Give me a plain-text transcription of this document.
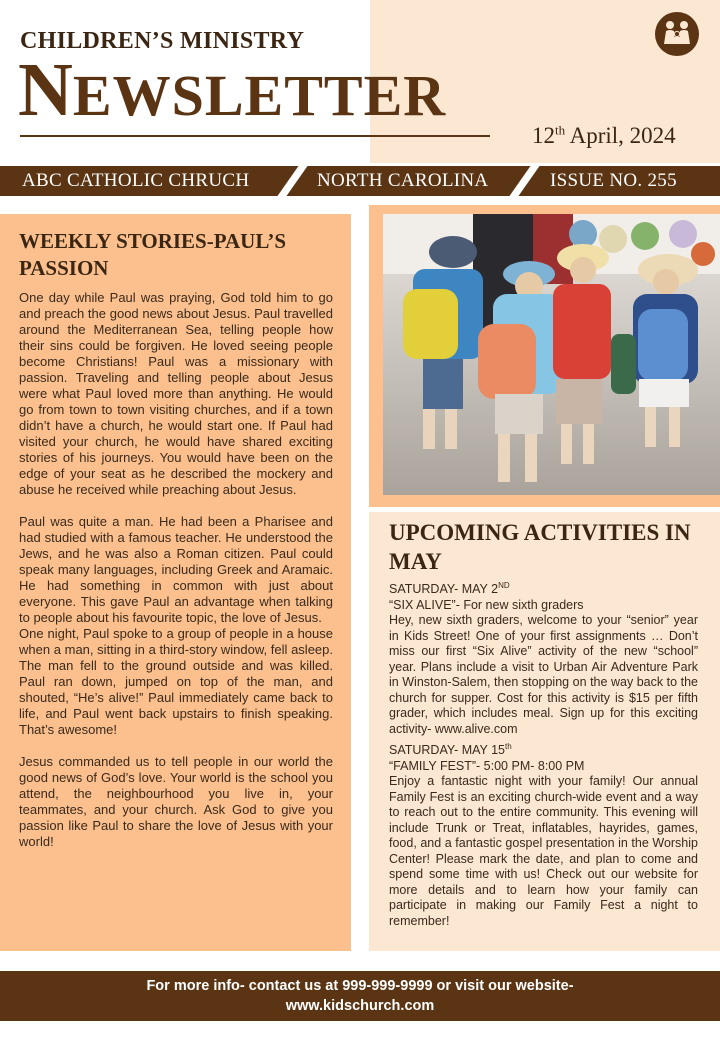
CHILDREN’S MINISTRY
NEWSLETTER
12th April, 2024
ABC CATHOLIC CHRUCH	NORTH CAROLINA	ISSUE NO. 255
WEEKLY STORIES-PAUL’S PASSION

One day while Paul was praying, God told him to go and preach the good news about Jesus. Paul travelled around the Mediterranean Sea, telling people how their sins could be forgiven. He loved seeing people become Christians! Paul was a missionary with passion. Traveling and telling people about Jesus were what Paul loved more than anything. He would go from town to town visiting churches, and if a town didn’t have a church, he would start one. If Paul had visited your church, he would have shared exciting stories of his journeys. You would have been on the edge of your seat as he described the mockery and abuse he received while preaching about Jesus.

Paul was quite a man. He had been a Pharisee and had studied with a famous teacher. He understood the Jews, and he was also a Roman citizen. Paul could speak many languages, including Greek and Aramaic. He had something in common with just about everyone. This gave Paul an advantage when talking to people about his favourite topic, the love of Jesus.

One night, Paul spoke to a group of people in a house when a man, sitting in a third-story window, fell asleep. The man fell to the ground outside and was killed. Paul ran down, jumped on top of the man, and shouted, “He’s alive!” Paul immediately came back to life, and Paul went back upstairs to finish speaking. That’s awesome!

Jesus commanded us to tell people in our world the good news of God’s love. Your world is the school you attend, the neighbourhood you live in, your teammates, and your church. Ask God to give you passion like Paul to share the love of Jesus with your world!

UPCOMING ACTIVITIES IN MAY
SATURDAY- MAY 2ND
“SIX ALIVE”- For new sixth graders

Hey, new sixth graders, welcome to your “senior” year in Kids Street! One of your first assignments … Don’t miss our first “Six Alive” activity of the new “school” year. Plans include a visit to Urban Air Adventure Park in Winston-Salem, then stopping on the way back to the church for supper. Cost for this activity is $15 per fifth grader, which includes meal. Sign up for this exciting activity- www.alive.com

SATURDAY- MAY 15th
“FAMILY FEST”- 5:00 PM- 8:00 PM

Enjoy a fantastic night with your family! Our annual Family Fest is an exciting church-wide event and a way to reach out to the entire community. This evening will include Trunk or Treat, inflatables, hayrides, games, food, and a fantastic gospel presentation in the Worship Center! Please mark the date, and plan to come and spend some time with us! Check out our website for more details and to learn how your family can participate in making our Family Fest a night to remember!

For more info- contact us at 999-999-9999 or visit our website-
www.kidschurch.com
